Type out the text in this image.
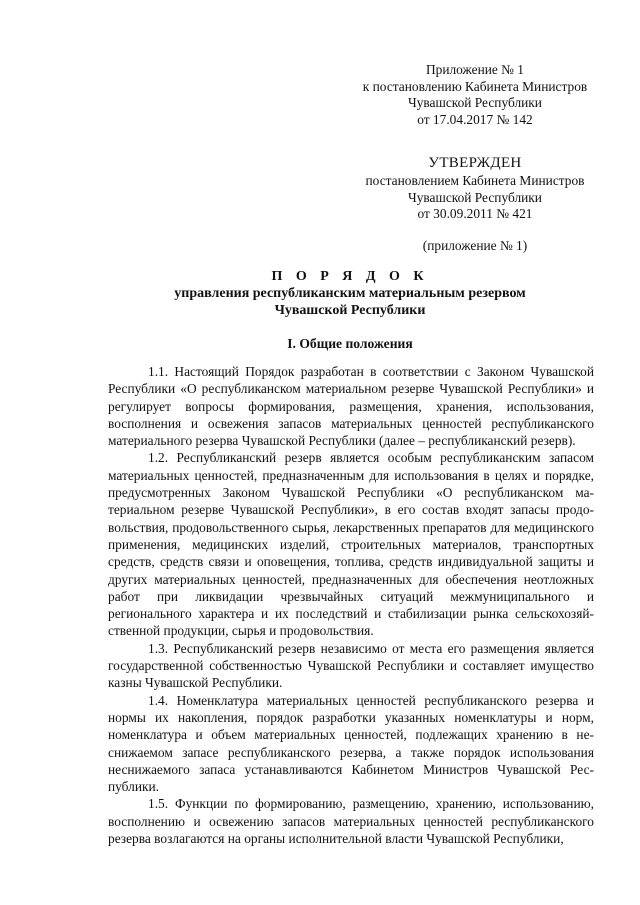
Приложение № 1
к постановлению Кабинета Министров
Чувашской Республики
от 17.04.2017 № 142
УТВЕРЖДЕН
постановлением Кабинета Министров
Чувашской Республики
от 30.09.2011 № 421
(приложение № 1)
П О Р Я Д О К
управления республиканским материальным резервом
Чувашской Республики
I. Общие положения

1.1. Настоящий Порядок разработан в соответствии с Законом Чувашской Республики «О республиканском материальном резерве Чувашской Республики» и регулирует вопросы формирования, размещения, хранения, использования, восполнения и освежения запасов материальных ценностей республиканского материального резерва Чувашской Республики (далее – республиканский резерв).

1.2. Республиканский резерв является особым республиканским запасом материальных ценностей, предназначенным для использования в целях и порядке, предусмотренных Законом Чувашской Республики «О республиканском материальном резерве Чувашской Республики», в его состав входят запасы продовольствия, продовольственного сырья, лекарственных препаратов для медицинского применения, медицинских изделий, строительных материалов, транспортных средств, средств связи и оповещения, топлива, средств индивидуальной защиты и других материальных ценностей, предназначенных для обеспечения неотложных работ при ликвидации чрезвычайных ситуаций межмуниципального и регионального характера и их последствий и стабилизации рынка сельскохозяйственной продукции, сырья и продовольствия.

1.3. Республиканский резерв независимо от места его размещения является государственной собственностью Чувашской Республики и составляет имущество казны Чувашской Республики.

1.4. Номенклатура материальных ценностей республиканского резерва и нормы их накопления, порядок разработки указанных номенклатуры и норм, номенклатура и объем материальных ценностей, подлежащих хранению в неснижаемом запасе республиканского резерва, а также порядок использования неснижаемого запаса устанавливаются Кабинетом Министров Чувашской Республики.

1.5. Функции по формированию, размещению, хранению, использованию, восполнению и освежению запасов материальных ценностей республиканского резерва возлагаются на органы исполнительной власти Чувашской Республики,
